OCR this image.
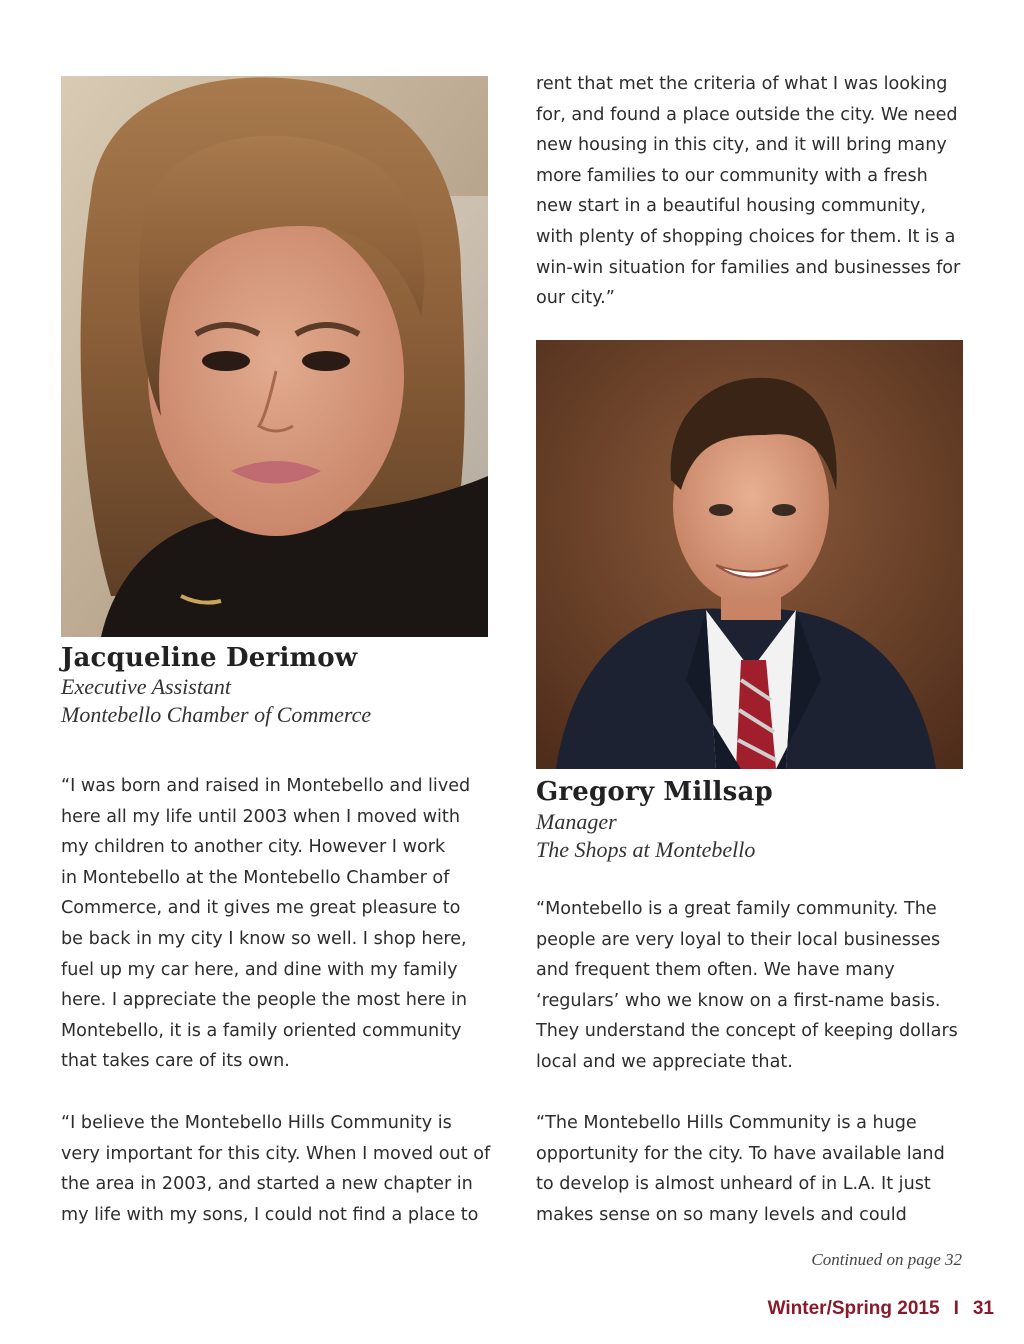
Jacqueline Derimow
Executive Assistant
Montebello Chamber of Commerce
“I was born and raised in Montebello and lived
here all my life until 2003 when I moved with
my children to another city. However I work
in Montebello at the Montebello Chamber of
Commerce, and it gives me great pleasure to
be back in my city I know so well. I shop here,
fuel up my car here, and dine with my family
here. I appreciate the people the most here in
Montebello, it is a family oriented community
that takes care of its own.
“I believe the Montebello Hills Community is
very important for this city. When I moved out of
the area in 2003, and started a new chapter in
my life with my sons, I could not find a place to
rent that met the criteria of what I was looking
for, and found a place outside the city. We need
new housing in this city, and it will bring many
more families to our community with a fresh
new start in a beautiful housing community,
with plenty of shopping choices for them. It is a
win-win situation for families and businesses for
our city.”
Gregory Millsap
Manager
The Shops at Montebello
“Montebello is a great family community. The
people are very loyal to their local businesses
and frequent them often. We have many
‘regulars’ who we know on a first-name basis.
They understand the concept of keeping dollars
local and we appreciate that.
“The Montebello Hills Community is a huge
opportunity for the city. To have available land
to develop is almost unheard of in L.A. It just
makes sense on so many levels and could
Continued on page 32
Winter/Spring 2015 I 31
